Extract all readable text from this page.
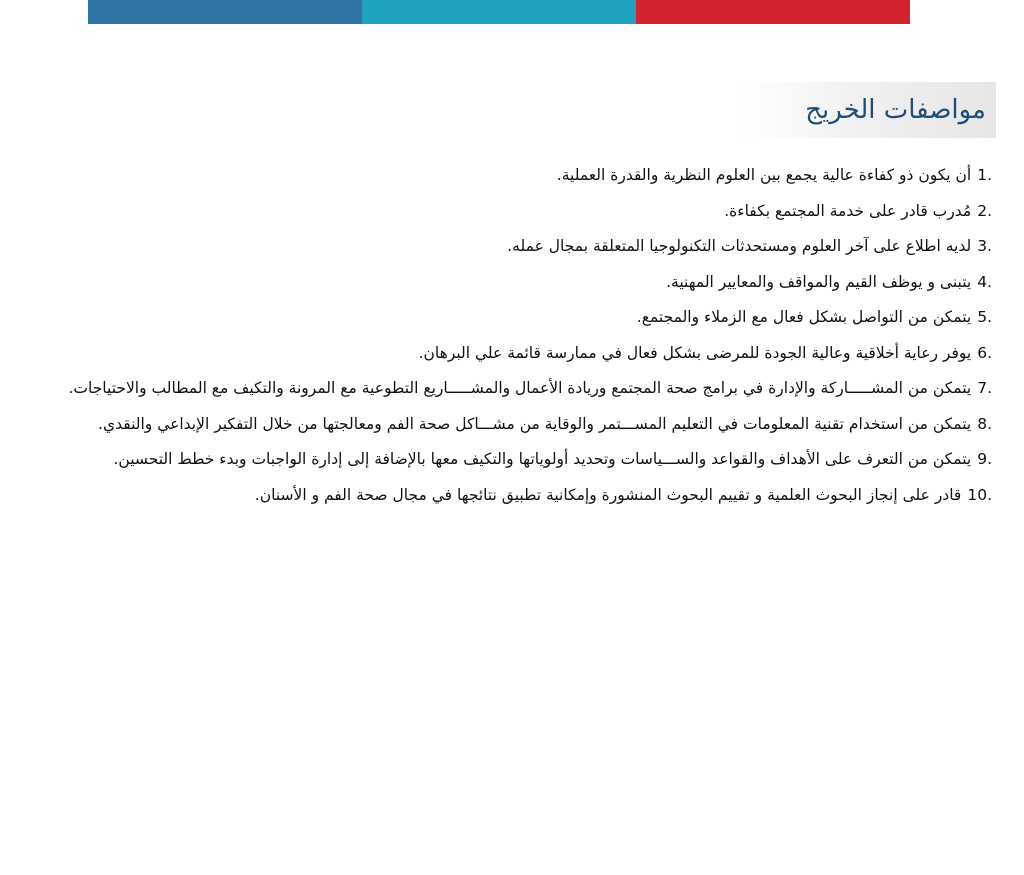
مواصفات الخريج
1.
أن يكون ذو كفاءة عالية يجمع بين العلوم النظرية والقدرة العملية.
2.
مُدرب قادر على خدمة المجتمع بكفاءة.
3.
لديه اطلاع على آخر العلوم ومستحدثات التكنولوجيا المتعلقة بمجال عمله.
4.
يتبنى و يوظف القيم والمواقف والمعايير المهنية.
5.
يتمكن من التواصل بشكل فعال مع الزملاء والمجتمع.
6.
يوفر رعاية أخلاقية وعالية الجودة للمرضى بشكل فعال في ممارسة قائمة علي البرهان.
7.
يتمكن من المشـــــاركة والإدارة في برامج صحة المجتمع وريادة الأعمال والمشـــــاريع التطوعية مع المرونة والتكيف مع المطالب والاحتياجات.
8.
يتمكن من استخدام تقنية المعلومات في التعليم المســـتمر والوقاية من مشـــاكل صحة الفم ومعالجتها من خلال التفكير الإبداعي والنقدي.
9.
يتمكن من التعرف على الأهداف والقواعد والســـياسات وتحديد أولوياتها والتكيف معها بالإضافة إلى إدارة الواجبات وبدء خطط التحسين.
10.
قادر على إنجاز البحوث العلمية و تقييم البحوث المنشورة وإمكانية تطبيق نتائجها في مجال صحة الفم و الأسنان.
